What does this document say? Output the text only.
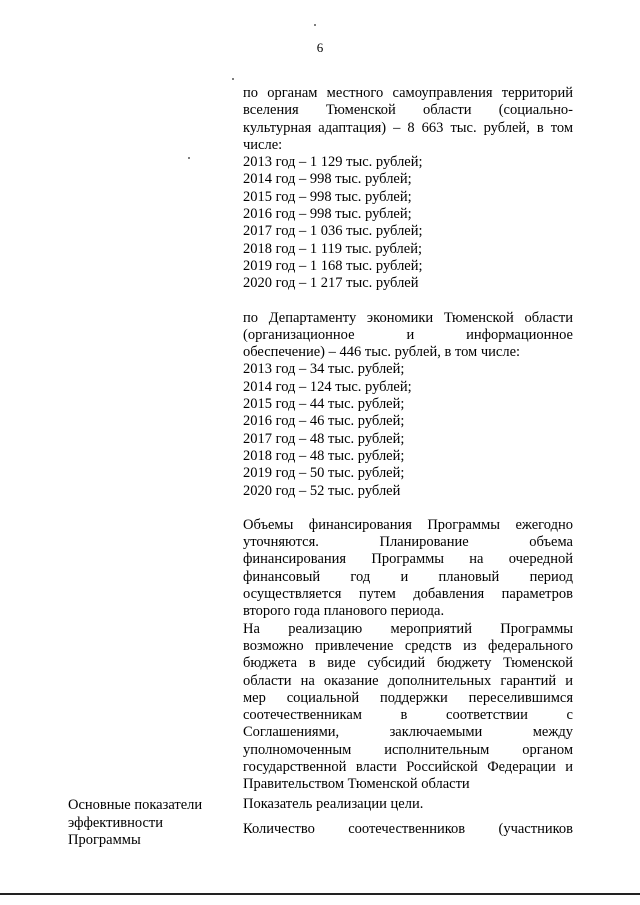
6

по органам местного самоуправления территорий

вселения Тюменской области (социально-

культурная адаптация) – 8 663 тыс. рублей, в том

числе:

2013 год – 1 129 тыс. рублей;

2014 год – 998 тыс. рублей;

2015 год – 998 тыс. рублей;

2016 год – 998 тыс. рублей;

2017 год – 1 036 тыс. рублей;

2018 год – 1 119 тыс. рублей;

2019 год – 1 168 тыс. рублей;

2020 год – 1 217 тыс. рублей

по Департаменту экономики Тюменской области

(организационное и информационное

обеспечение) – 446 тыс. рублей, в том числе:

2013 год – 34 тыс. рублей;

2014 год – 124 тыс. рублей;

2015 год – 44 тыс. рублей;

2016 год – 46 тыс. рублей;

2017 год – 48 тыс. рублей;

2018 год – 48 тыс. рублей;

2019 год – 50 тыс. рублей;

2020 год – 52 тыс. рублей

Объемы финансирования Программы ежегодно

уточняются. Планирование объема

финансирования Программы на очередной

финансовый год и плановый период

осуществляется путем добавления параметров

второго года планового периода.

На реализацию мероприятий Программы

возможно привлечение средств из федерального

бюджета в виде субсидий бюджету Тюменской

области на оказание дополнительных гарантий и

мер социальной поддержки переселившимся

соотечественникам в соответствии с

Соглашениями, заключаемыми между

уполномоченным исполнительным органом

государственной власти Российской Федерации и

Правительством Тюменской области

Показатель реализации цели.

Количество соотечественников (участников

Основные показатели
эффективности
Программы
